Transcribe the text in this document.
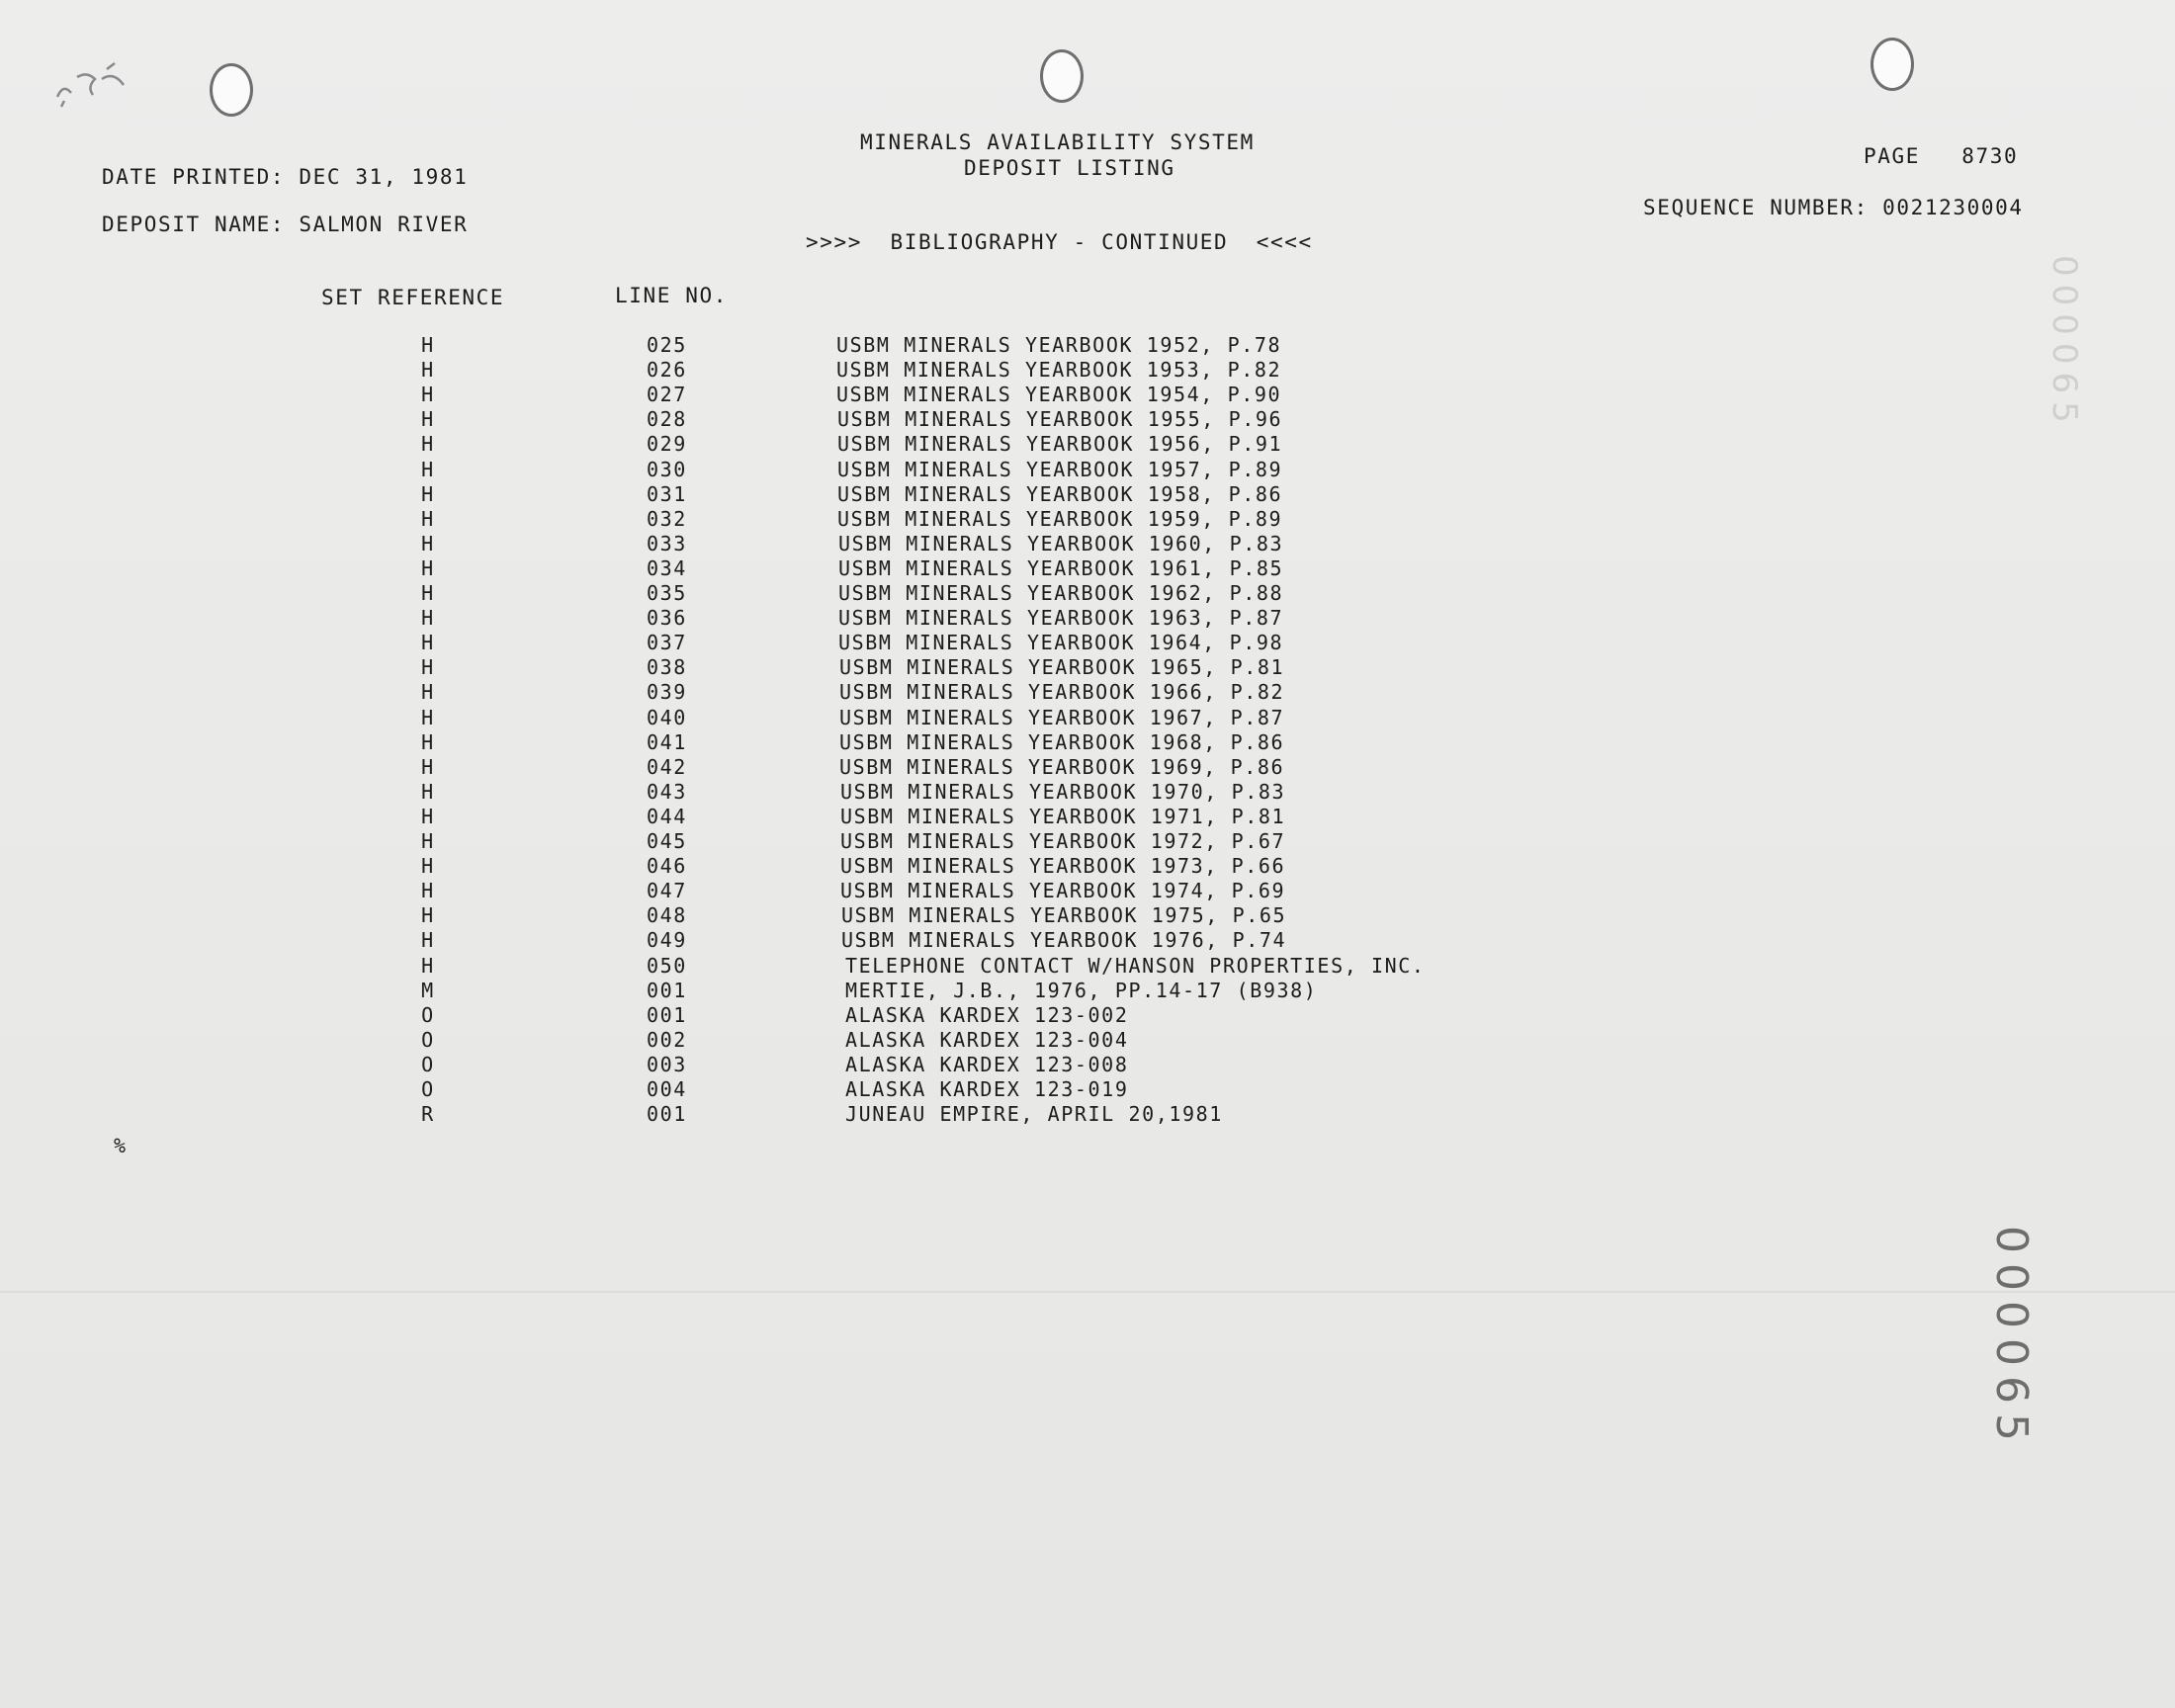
MINERALS AVAILABILITY SYSTEM
DEPOSIT LISTING
DATE PRINTED: DEC 31, 1981
DEPOSIT NAME: SALMON RIVER
PAGE 8730
SEQUENCE NUMBER: 0021230004
>>>>  BIBLIOGRAPHY - CONTINUED  <<<<
SET REFERENCE	LINE NO.
H	025	USBM MINERALS YEARBOOK 1952, P.78
H	026	USBM MINERALS YEARBOOK 1953, P.82
H	027	USBM MINERALS YEARBOOK 1954, P.90
H	028	USBM MINERALS YEARBOOK 1955, P.96
H	029	USBM MINERALS YEARBOOK 1956, P.91
H	030	USBM MINERALS YEARBOOK 1957, P.89
H	031	USBM MINERALS YEARBOOK 1958, P.86
H	032	USBM MINERALS YEARBOOK 1959, P.89
H	033	USBM MINERALS YEARBOOK 1960, P.83
H	034	USBM MINERALS YEARBOOK 1961, P.85
H	035	USBM MINERALS YEARBOOK 1962, P.88
H	036	USBM MINERALS YEARBOOK 1963, P.87
H	037	USBM MINERALS YEARBOOK 1964, P.98
H	038	USBM MINERALS YEARBOOK 1965, P.81
H	039	USBM MINERALS YEARBOOK 1966, P.82
H	040	USBM MINERALS YEARBOOK 1967, P.87
H	041	USBM MINERALS YEARBOOK 1968, P.86
H	042	USBM MINERALS YEARBOOK 1969, P.86
H	043	USBM MINERALS YEARBOOK 1970, P.83
H	044	USBM MINERALS YEARBOOK 1971, P.81
H	045	USBM MINERALS YEARBOOK 1972, P.67
H	046	USBM MINERALS YEARBOOK 1973, P.66
H	047	USBM MINERALS YEARBOOK 1974, P.69
H	048	USBM MINERALS YEARBOOK 1975, P.65
H	049	USBM MINERALS YEARBOOK 1976, P.74
H	050	TELEPHONE CONTACT W/HANSON PROPERTIES, INC.
M	001	MERTIE, J.B., 1976, PP.14-17 (B938)
O	001	ALASKA KARDEX 123-002
O	002	ALASKA KARDEX 123-004
O	003	ALASKA KARDEX 123-008
O	004	ALASKA KARDEX 123-019
R	001	JUNEAU EMPIRE, APRIL 20,1981
%
000065
000065
